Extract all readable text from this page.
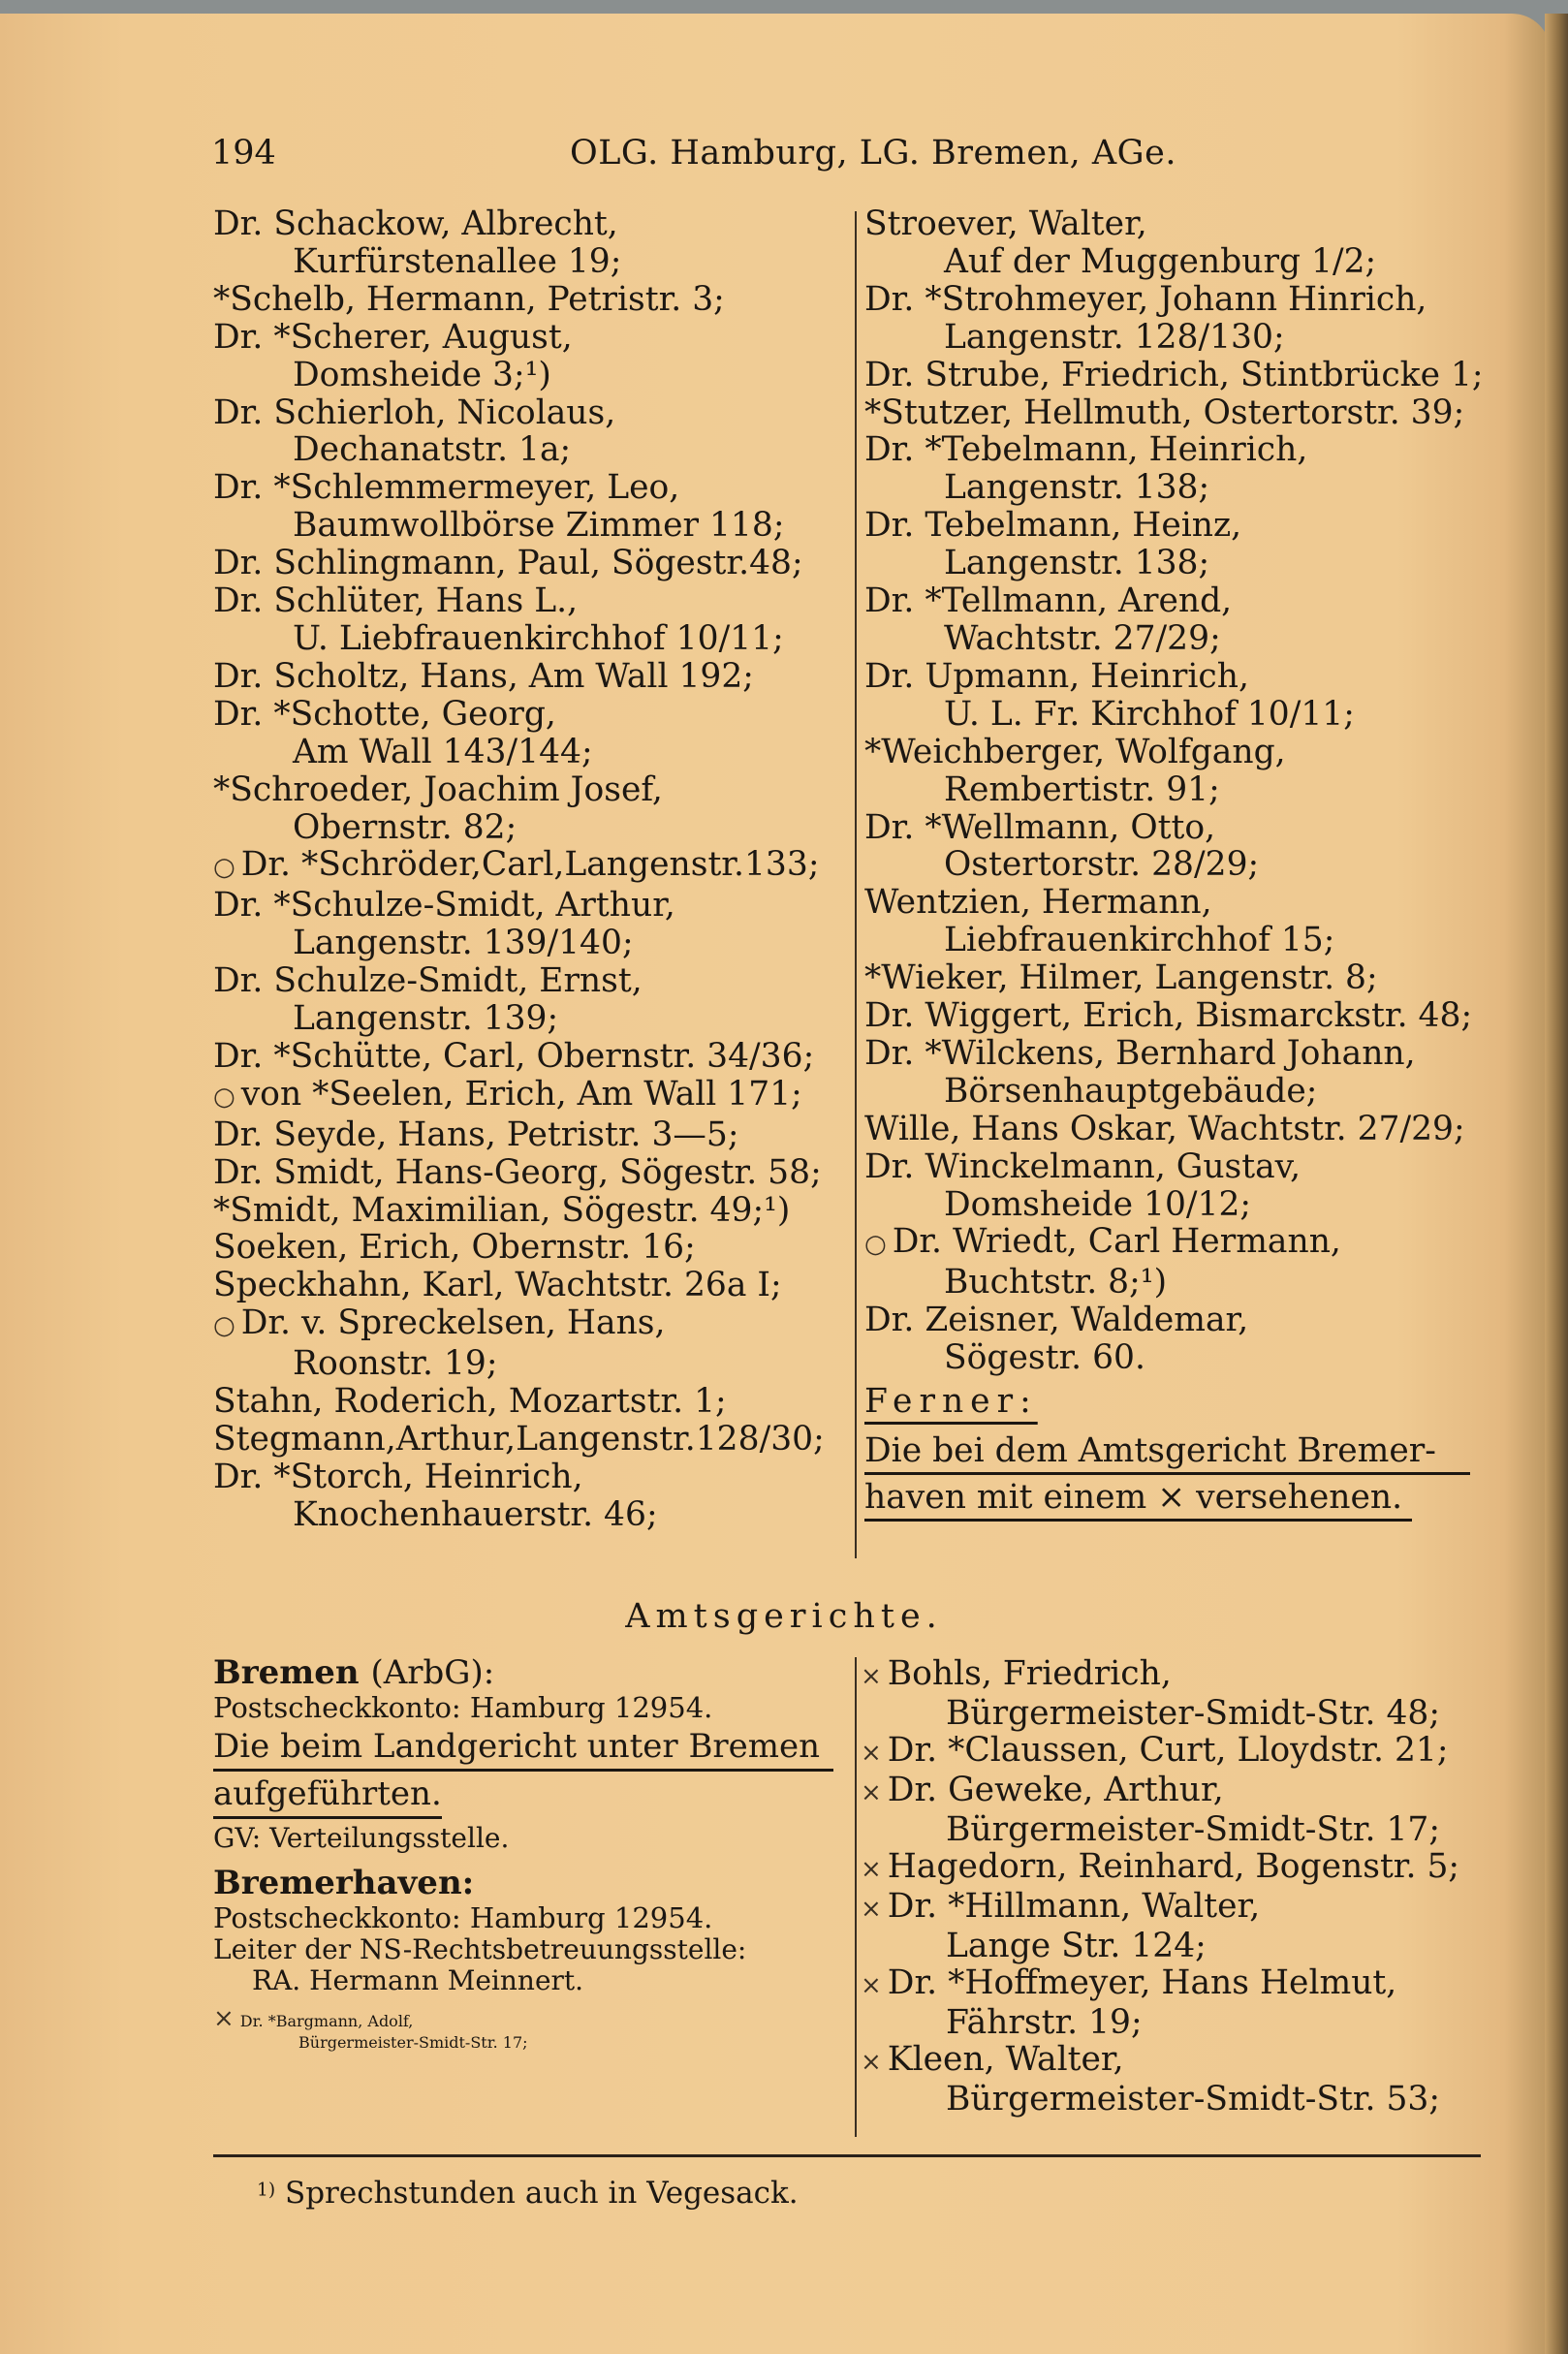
194	OLG. Hamburg, LG. Bremen, AGe.
Dr. Schackow, Albrecht,
Kurfürstenallee 19;
*Schelb, Hermann, Petristr. 3;
Dr. *Scherer, August,
Domsheide 3;¹)
Dr. Schierloh, Nicolaus,
Dechanatstr. 1a;
Dr. *Schlemmermeyer, Leo,
Baumwollbörse Zimmer 118;
Dr. Schlingmann, Paul, Sögestr.48;
Dr. Schlüter, Hans L.,
U. Liebfrauenkirchhof 10/11;
Dr. Scholtz, Hans, Am Wall 192;
Dr. *Schotte, Georg,
Am Wall 143/144;
*Schroeder, Joachim Josef,
Obernstr. 82;
○ Dr. *Schröder,Carl,Langenstr.133;
Dr. *Schulze-Smidt, Arthur,
Langenstr. 139/140;
Dr. Schulze-Smidt, Ernst,
Langenstr. 139;
Dr. *Schütte, Carl, Obernstr. 34/36;
○ von *Seelen, Erich, Am Wall 171;
Dr. Seyde, Hans, Petristr. 3—5;
Dr. Smidt, Hans-Georg, Sögestr. 58;
*Smidt, Maximilian, Sögestr. 49;¹)
Soeken, Erich, Obernstr. 16;
Speckhahn, Karl, Wachtstr. 26a I;
○ Dr. v. Spreckelsen, Hans,
Roonstr. 19;
Stahn, Roderich, Mozartstr. 1;
Stegmann,Arthur,Langenstr.128/30;
Dr. *Storch, Heinrich,
Knochenhauerstr. 46;
Stroever, Walter,
Auf der Muggenburg 1/2;
Dr. *Strohmeyer, Johann Hinrich,
Langenstr. 128/130;
Dr. Strube, Friedrich, Stintbrücke 1;
*Stutzer, Hellmuth, Ostertorstr. 39;
Dr. *Tebelmann, Heinrich,
Langenstr. 138;
Dr. Tebelmann, Heinz,
Langenstr. 138;
Dr. *Tellmann, Arend,
Wachtstr. 27/29;
Dr. Upmann, Heinrich,
U. L. Fr. Kirchhof 10/11;
*Weichberger, Wolfgang,
Rembertistr. 91;
Dr. *Wellmann, Otto,
Ostertorstr. 28/29;
Wentzien, Hermann,
Liebfrauenkirchhof 15;
*Wieker, Hilmer, Langenstr. 8;
Dr. Wiggert, Erich, Bismarckstr. 48;
Dr. *Wilckens, Bernhard Johann,
Börsenhauptgebäude;
Wille, Hans Oskar, Wachtstr. 27/29;
Dr. Winckelmann, Gustav,
Domsheide 10/12;
○ Dr. Wriedt, Carl Hermann,
Buchtstr. 8;¹)
Dr. Zeisner, Waldemar,
Sögestr. 60.
Ferner:
Die bei dem Amtsgericht Bremer-
haven mit einem × versehenen.
Amtsgerichte.
Bremen (ArbG):
Postscheckkonto: Hamburg 12954.
Die beim Landgericht unter Bremen
aufgeführten.
GV: Verteilungsstelle.
Bremerhaven:
Postscheckkonto: Hamburg 12954.
Leiter der NS-Rechtsbetreuungsstelle:
RA. Hermann Meinnert.
× Dr. *Bargmann, Adolf,
Bürgermeister-Smidt-Str. 17;
× Bohls, Friedrich,
Bürgermeister-Smidt-Str. 48;
× Dr. *Claussen, Curt, Lloydstr. 21;
× Dr. Geweke, Arthur,
Bürgermeister-Smidt-Str. 17;
× Hagedorn, Reinhard, Bogenstr. 5;
× Dr. *Hillmann, Walter,
Lange Str. 124;
× Dr. *Hoffmeyer, Hans Helmut,
Fährstr. 19;
× Kleen, Walter,
Bürgermeister-Smidt-Str. 53;
$^{1)}$ Sprechstunden auch in Vegesack.
